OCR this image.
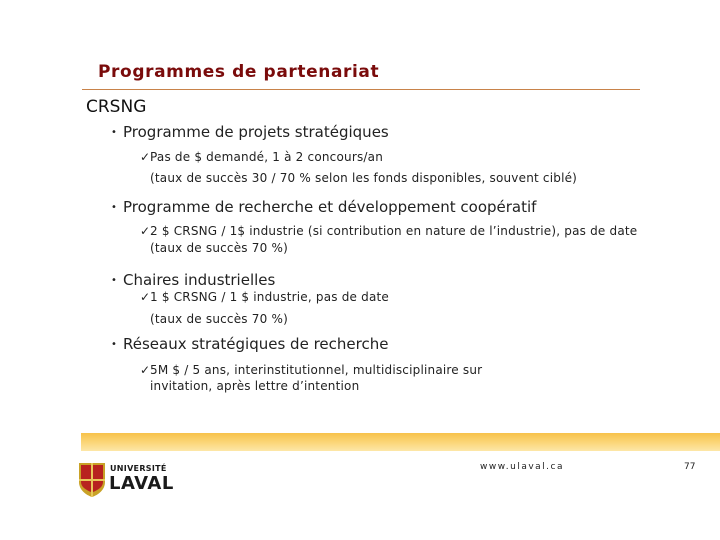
Programmes de partenariat
CRSNG
• Programme de projets stratégiques
✓Pas de $ demandé, 1 à 2 concours/an
(taux de succès 30 / 70 % selon les fonds disponibles, souvent ciblé)
• Programme de recherche et développement coopératif
✓2 $ CRSNG / 1$ industrie (si contribution en nature de l’industrie), pas de date
(taux de succès 70 %)
• Chaires industrielles
✓1 $ CRSNG / 1 $ industrie, pas de date
(taux de succès 70 %)
• Réseaux stratégiques de recherche
✓5M $ / 5 ans, interinstitutionnel, multidisciplinaire sur
invitation, après lettre d’intention
UNIVERSITÉ
LAVAL
www.ulaval.ca	77
